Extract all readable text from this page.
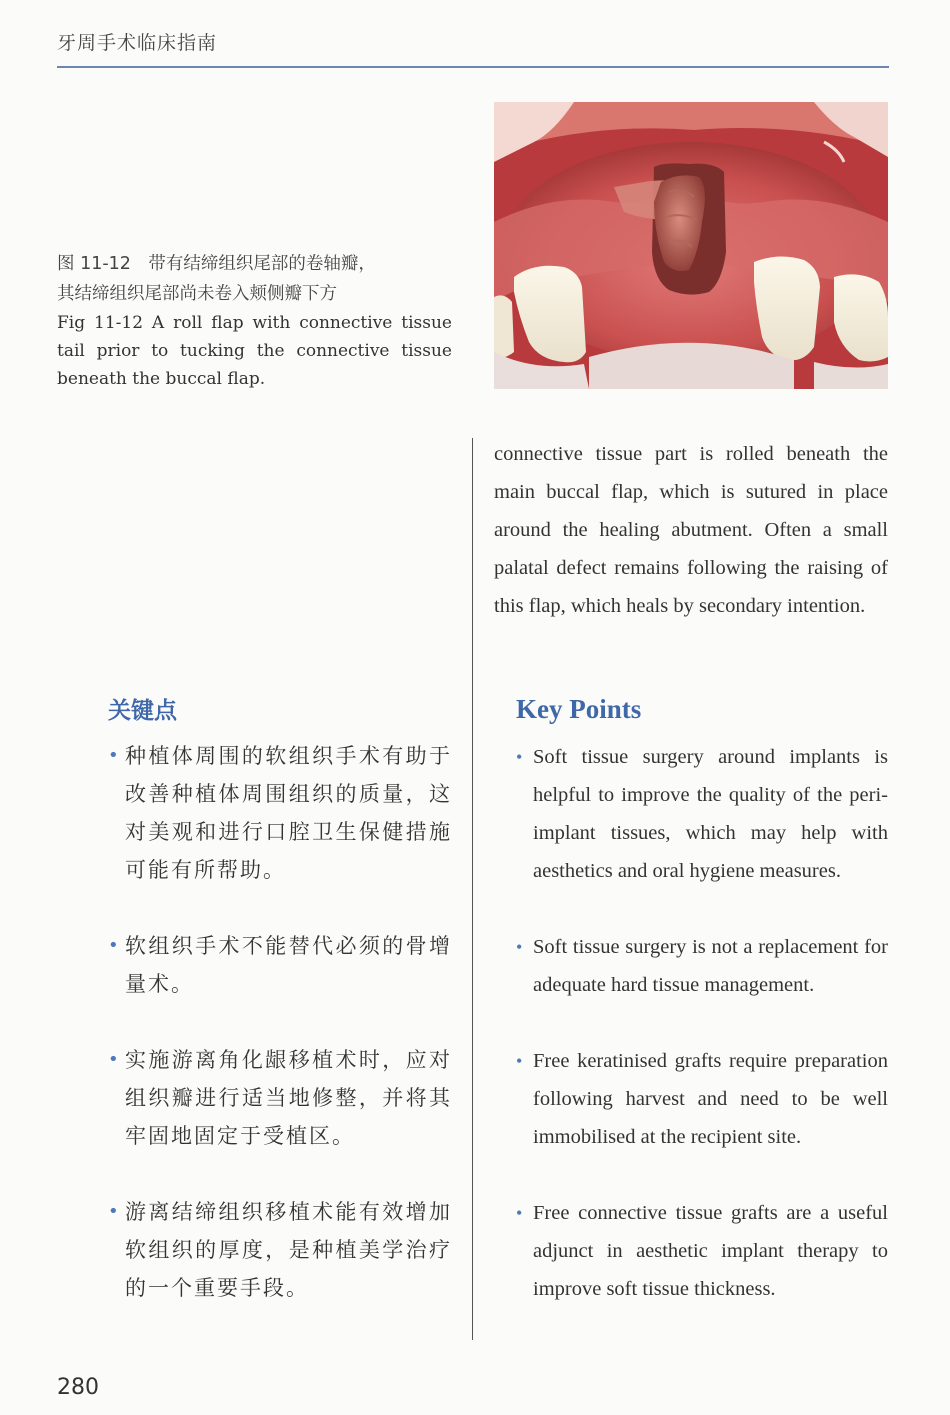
牙周手术临床指南
图 11-12　带有结缔组织尾部的卷轴瓣，
其结缔组织尾部尚未卷入颊侧瓣下方
Fig 11-12 A roll flap with connective tissue tail prior to tucking the connective tissue beneath the buccal flap.

connective tissue part is rolled beneath the main buccal flap, which is sutured in place around the healing abutment. Often a small palatal defect remains following the raising of this flap, which heals by secondary intention.

关键点	Key Points
• 种植体周围的软组织手术有助于改善种植体周围组织的质量，这对美观和进行口腔卫生保健措施可能有所帮助。
• 软组织手术不能替代必须的骨增量术。
• 实施游离角化龈移植术时，应对组织瓣进行适当地修整，并将其牢固地固定于受植区。
• 游离结缔组织移植术能有效增加软组织的厚度，是种植美学治疗的一个重要手段。
• Soft tissue surgery around implants is helpful to improve the quality of the peri-implant tissues, which may help with aesthetics and oral hygiene measures.
• Soft tissue surgery is not a replacement for adequate hard tissue management.
• Free keratinised grafts require preparation following harvest and need to be well immobilised at the recipient site.
• Free connective tissue grafts are a useful adjunct in aesthetic implant therapy to improve soft tissue thickness.
280
